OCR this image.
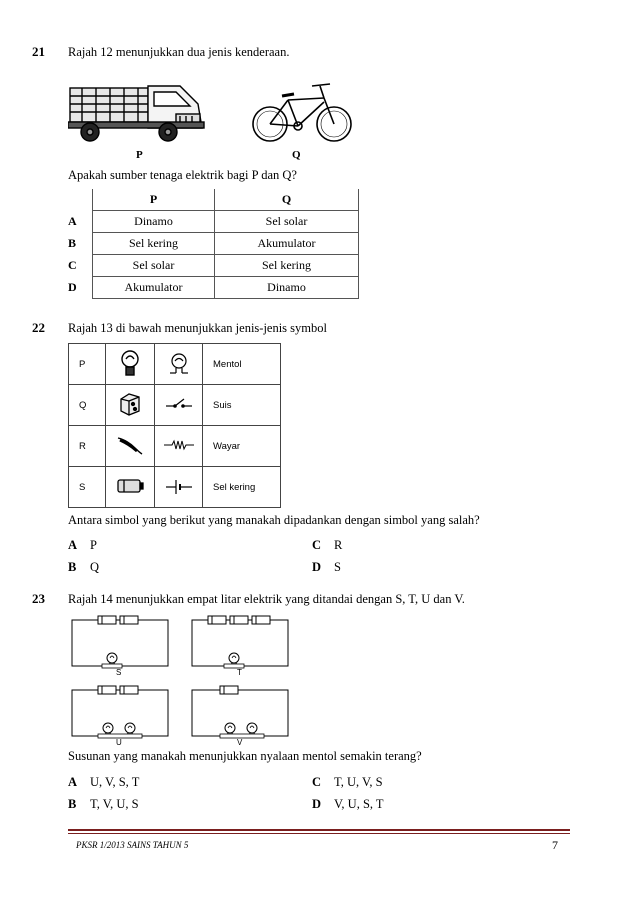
21 Rajah 12 menunjukkan dua jenis kenderaan.
P	Q
Apakah sumber tenaga elektrik bagi P dan Q?
	P	Q
A	Dinamo	Sel solar
B	Sel kering	Akumulator
C	Sel solar	Sel kering
D	Akumulator	Dinamo
22 Rajah 13 di bawah menunjukkan jenis-jenis symbol
P			Mentol
Q			Suis
R			Wayar
S			Sel kering
Antara simbol yang berikut yang manakah dipadankan dengan simbol yang salah?
A P
B Q
C R
D S
23 Rajah 14 menunjukkan empat litar elektrik yang ditandai dengan S, T, U dan V.
S	T
U	V
Susunan yang manakah menunjukkan nyalaan mentol semakin terang?
A U, V, S, T
B T, V, U, S
C T, U, V, S
D V, U, S, T
PKSR 1/2013 SAINS TAHUN 5	7
